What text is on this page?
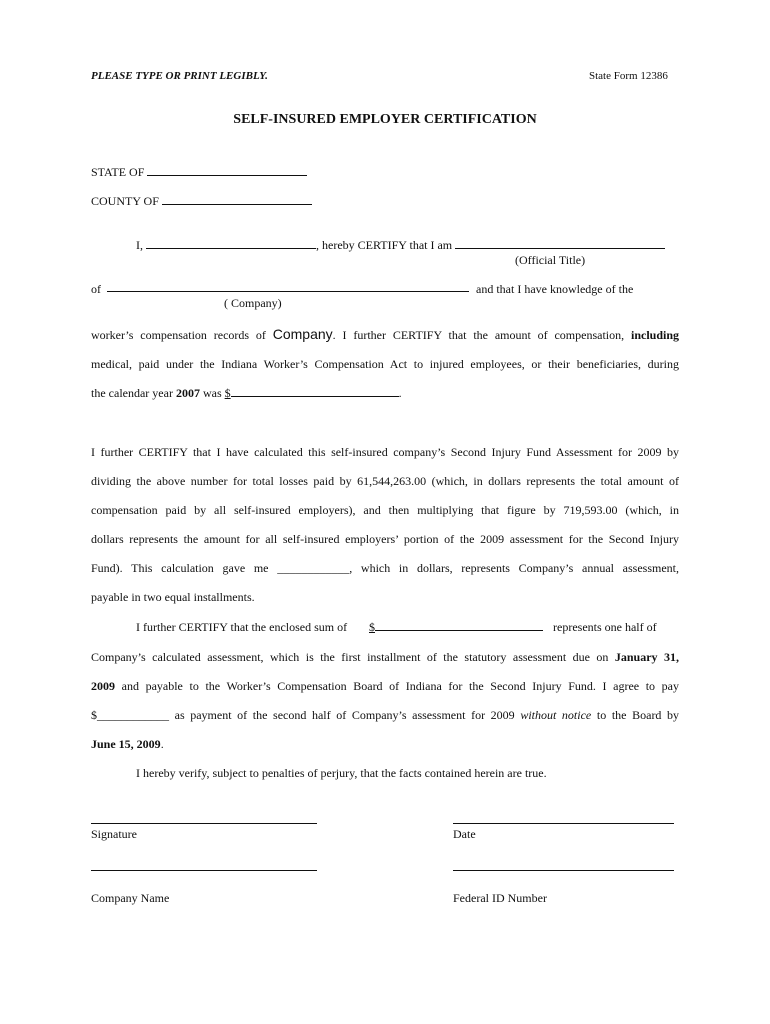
PLEASE TYPE OR PRINT LEGIBLY.	State Form 12386
SELF-INSURED EMPLOYER CERTIFICATION
STATE OF
COUNTY OF
I,	, hereby CERTIFY that I am
(Official Title)
of	and that I have knowledge of the
( Company)
worker’s compensation records of Company. I further CERTIFY that the amount of compensation, including
medical, paid under the Indiana Worker’s Compensation Act to injured employees, or their beneficiaries, during
the calendar year 2007 was $	.
I further CERTIFY that I have calculated this self-insured company’s Second Injury Fund Assessment for 2009 by
dividing the above number for total losses paid by 61,544,263.00 (which, in dollars represents the total amount of
compensation paid by all self-insured employers), and then multiplying that figure by 719,593.00 (which, in
dollars represents the amount for all self-insured employers’ portion of the 2009 assessment for the Second Injury
Fund). This calculation gave me ____________, which in dollars, represents Company’s annual assessment,
payable in two equal installments.
I further CERTIFY that the enclosed sum of $	represents one half of
Company’s calculated assessment, which is the first installment of the statutory assessment due on January 31,
2009 and payable to the Worker’s Compensation Board of Indiana for the Second Injury Fund. I agree to pay
$____________ as payment of the second half of Company’s assessment for 2009 without notice to the Board by
June 15, 2009.
I hereby verify, subject to penalties of perjury, that the facts contained herein are true.
Signature	Date
Company Name	Federal ID Number
